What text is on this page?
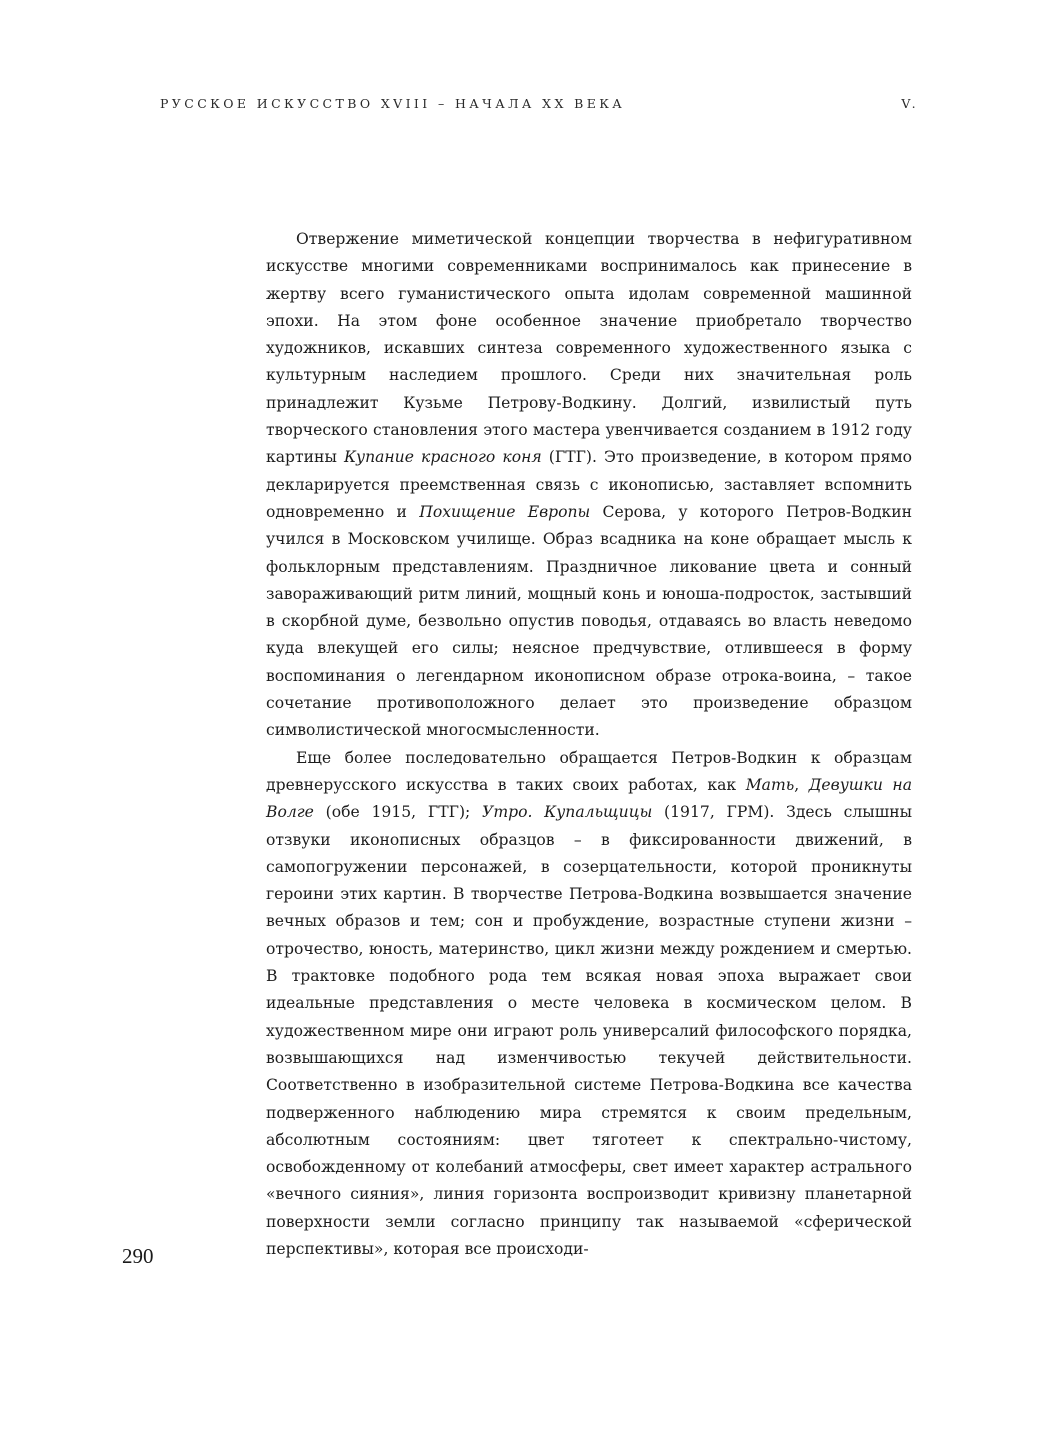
РУССКОЕ ИСКУССТВО XVIII – НАЧАЛА XX ВЕКА	V.

Отвержение миметической концепции творчества в нефигуративном искусстве многими современниками воспринималось как принесение в жертву всего гуманистического опыта идолам современной машинной эпохи. На этом фоне особенное значение приобретало творчество художников, искавших синтеза современного художественного языка с культурным наследием прошлого. Среди них значительная роль принадлежит Кузьме Петрову-Водкину. Долгий, извилистый путь творческого становления этого мастера увенчивается созданием в 1912 году картины Купание красного коня (ГТГ). Это произведение, в котором прямо декларируется преемственная связь с иконописью, заставляет вспомнить одновременно и Похищение Европы Серова, у которого Петров-Водкин учился в Московском училище. Образ всадника на коне обращает мысль к фольклорным представлениям. Праздничное ликование цвета и сонный завораживающий ритм линий, мощный конь и юноша-подросток, застывший в скорбной думе, безвольно опустив поводья, отдаваясь во власть неведомо куда влекущей его силы; неясное предчувствие, отлившееся в форму воспоминания о легендарном иконописном образе отрока-воина, – такое сочетание противоположного делает это произведение образцом символистической многосмысленности.

Еще более последовательно обращается Петров-Водкин к образцам древнерусского искусства в таких своих работах, как Мать, Девушки на Волге (обе 1915, ГТГ); Утро. Купальщицы (1917, ГРМ). Здесь слышны отзвуки иконописных образцов – в фиксированности движений, в самопогружении персонажей, в созерцательности, которой проникнуты героини этих картин. В творчестве Петрова-Водкина возвышается значение вечных образов и тем; сон и пробуждение, возрастные ступени жизни – отрочество, юность, материнство, цикл жизни между рождением и смертью. В трактовке подобного рода тем всякая новая эпоха выражает свои идеальные представления о месте человека в космическом целом. В художественном мире они играют роль универсалий философского порядка, возвышающихся над изменчивостью текучей действительности. Соответственно в изобразительной системе Петрова-Водкина все качества подверженного наблюдению мира стремятся к своим предельным, абсолютным состояниям: цвет тяготеет к спектрально-чистому, освобожденному от колебаний атмосферы, свет имеет характер астрального «вечного сияния», линия горизонта воспроизводит кривизну планетарной поверхности земли согласно принципу так называемой «сферической перспективы», которая все происходи-

290
